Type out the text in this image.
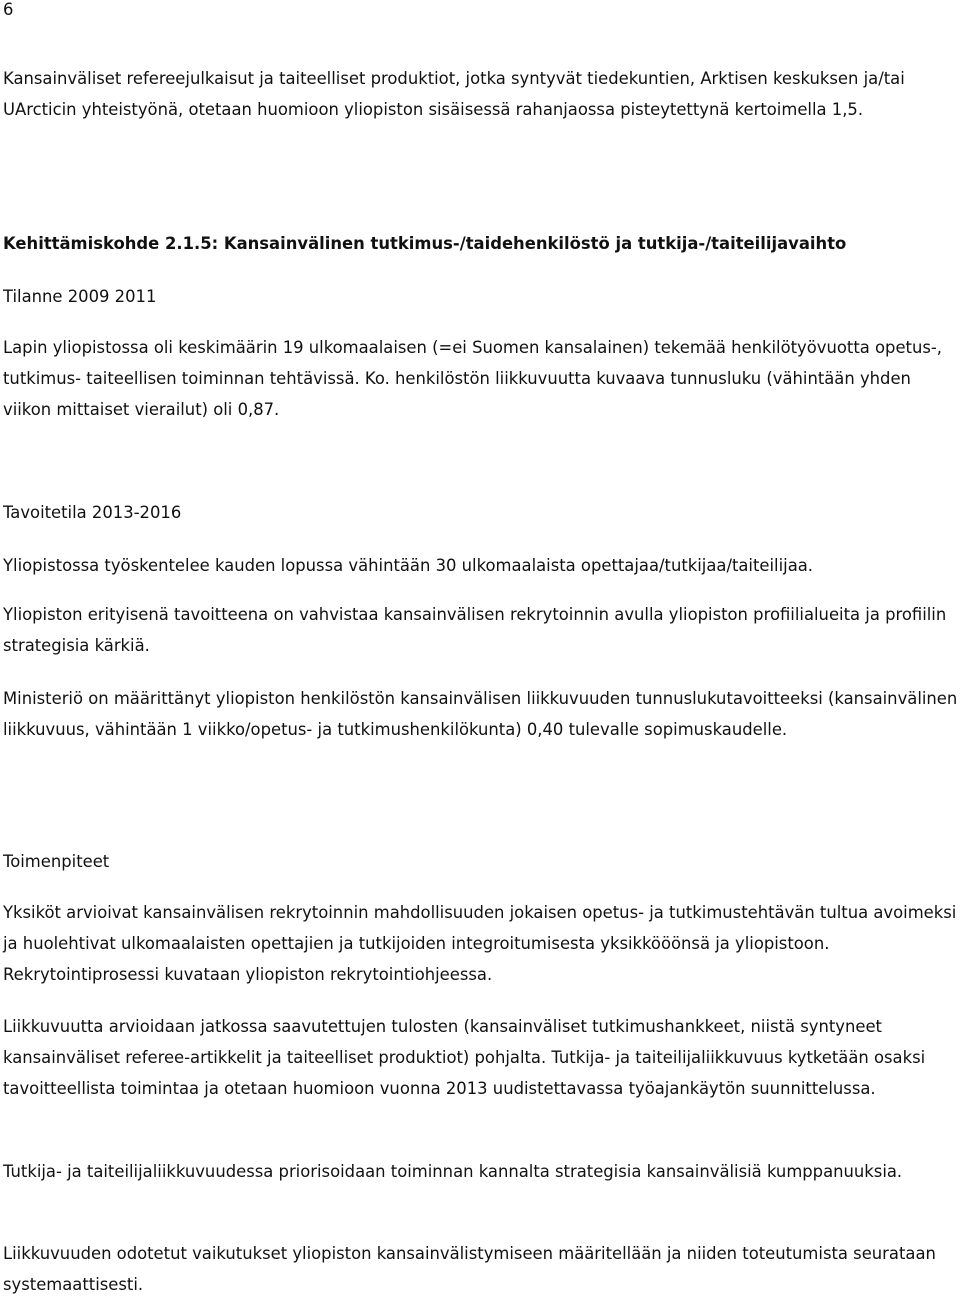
6

Kansainväliset refereejulkaisut ja taiteelliset produktiot, jotka syntyvät tiedekuntien, Arktisen keskuksen ja/tai UArcticin yhteistyönä, otetaan huomioon yliopiston sisäisessä rahanjaossa pisteytettynä kertoimella 1,5.

Kehittämiskohde 2.1.5: Kansainvälinen tutkimus-/taidehenkilöstö ja tutkija-/taiteilijavaihto

Tilanne 2009 2011

Lapin yliopistossa oli keskimäärin 19 ulkomaalaisen (=ei Suomen kansalainen) tekemää henkilötyövuotta opetus-, tutkimus- taiteellisen toiminnan tehtävissä. Ko. henkilöstön liikkuvuutta kuvaava tunnusluku (vähintään yhden viikon mittaiset vierailut) oli 0,87.

Tavoitetila 2013-2016

Yliopistossa työskentelee kauden lopussa vähintään 30 ulkomaalaista opettajaa/tutkijaa/taiteilijaa.

Yliopiston erityisenä tavoitteena on vahvistaa kansainvälisen rekrytoinnin avulla yliopiston profiilialueita ja profiilin strategisia kärkiä.

Ministeriö on määrittänyt yliopiston henkilöstön kansainvälisen liikkuvuuden tunnuslukutavoitteeksi (kansainvälinen liikkuvuus, vähintään 1 viikko/opetus- ja tutkimushenkilökunta) 0,40 tulevalle sopimuskaudelle.

Toimenpiteet

Yksiköt arvioivat kansainvälisen rekrytoinnin mahdollisuuden jokaisen opetus- ja tutkimustehtävän tultua avoimeksi ja huolehtivat ulkomaalaisten opettajien ja tutkijoiden integroitumisesta yksikkööönsä ja yliopistoon. Rekrytointiprosessi kuvataan yliopiston rekrytointiohjeessa.

Liikkuvuutta arvioidaan jatkossa saavutettujen tulosten (kansainväliset tutkimushankkeet, niistä syntyneet kansainväliset referee-artikkelit ja taiteelliset produktiot) pohjalta. Tutkija- ja taiteilijaliikkuvuus kytketään osaksi tavoitteellista toimintaa ja otetaan huomioon vuonna 2013 uudistettavassa työajankäytön suunnittelussa.

Tutkija- ja taiteilijaliikkuvuudessa priorisoidaan toiminnan kannalta strategisia kansainvälisiä kumppanuuksia.

Liikkuvuuden odotetut vaikutukset yliopiston kansainvälistymiseen määritellään ja niiden toteutumista seurataan systemaattisesti.
